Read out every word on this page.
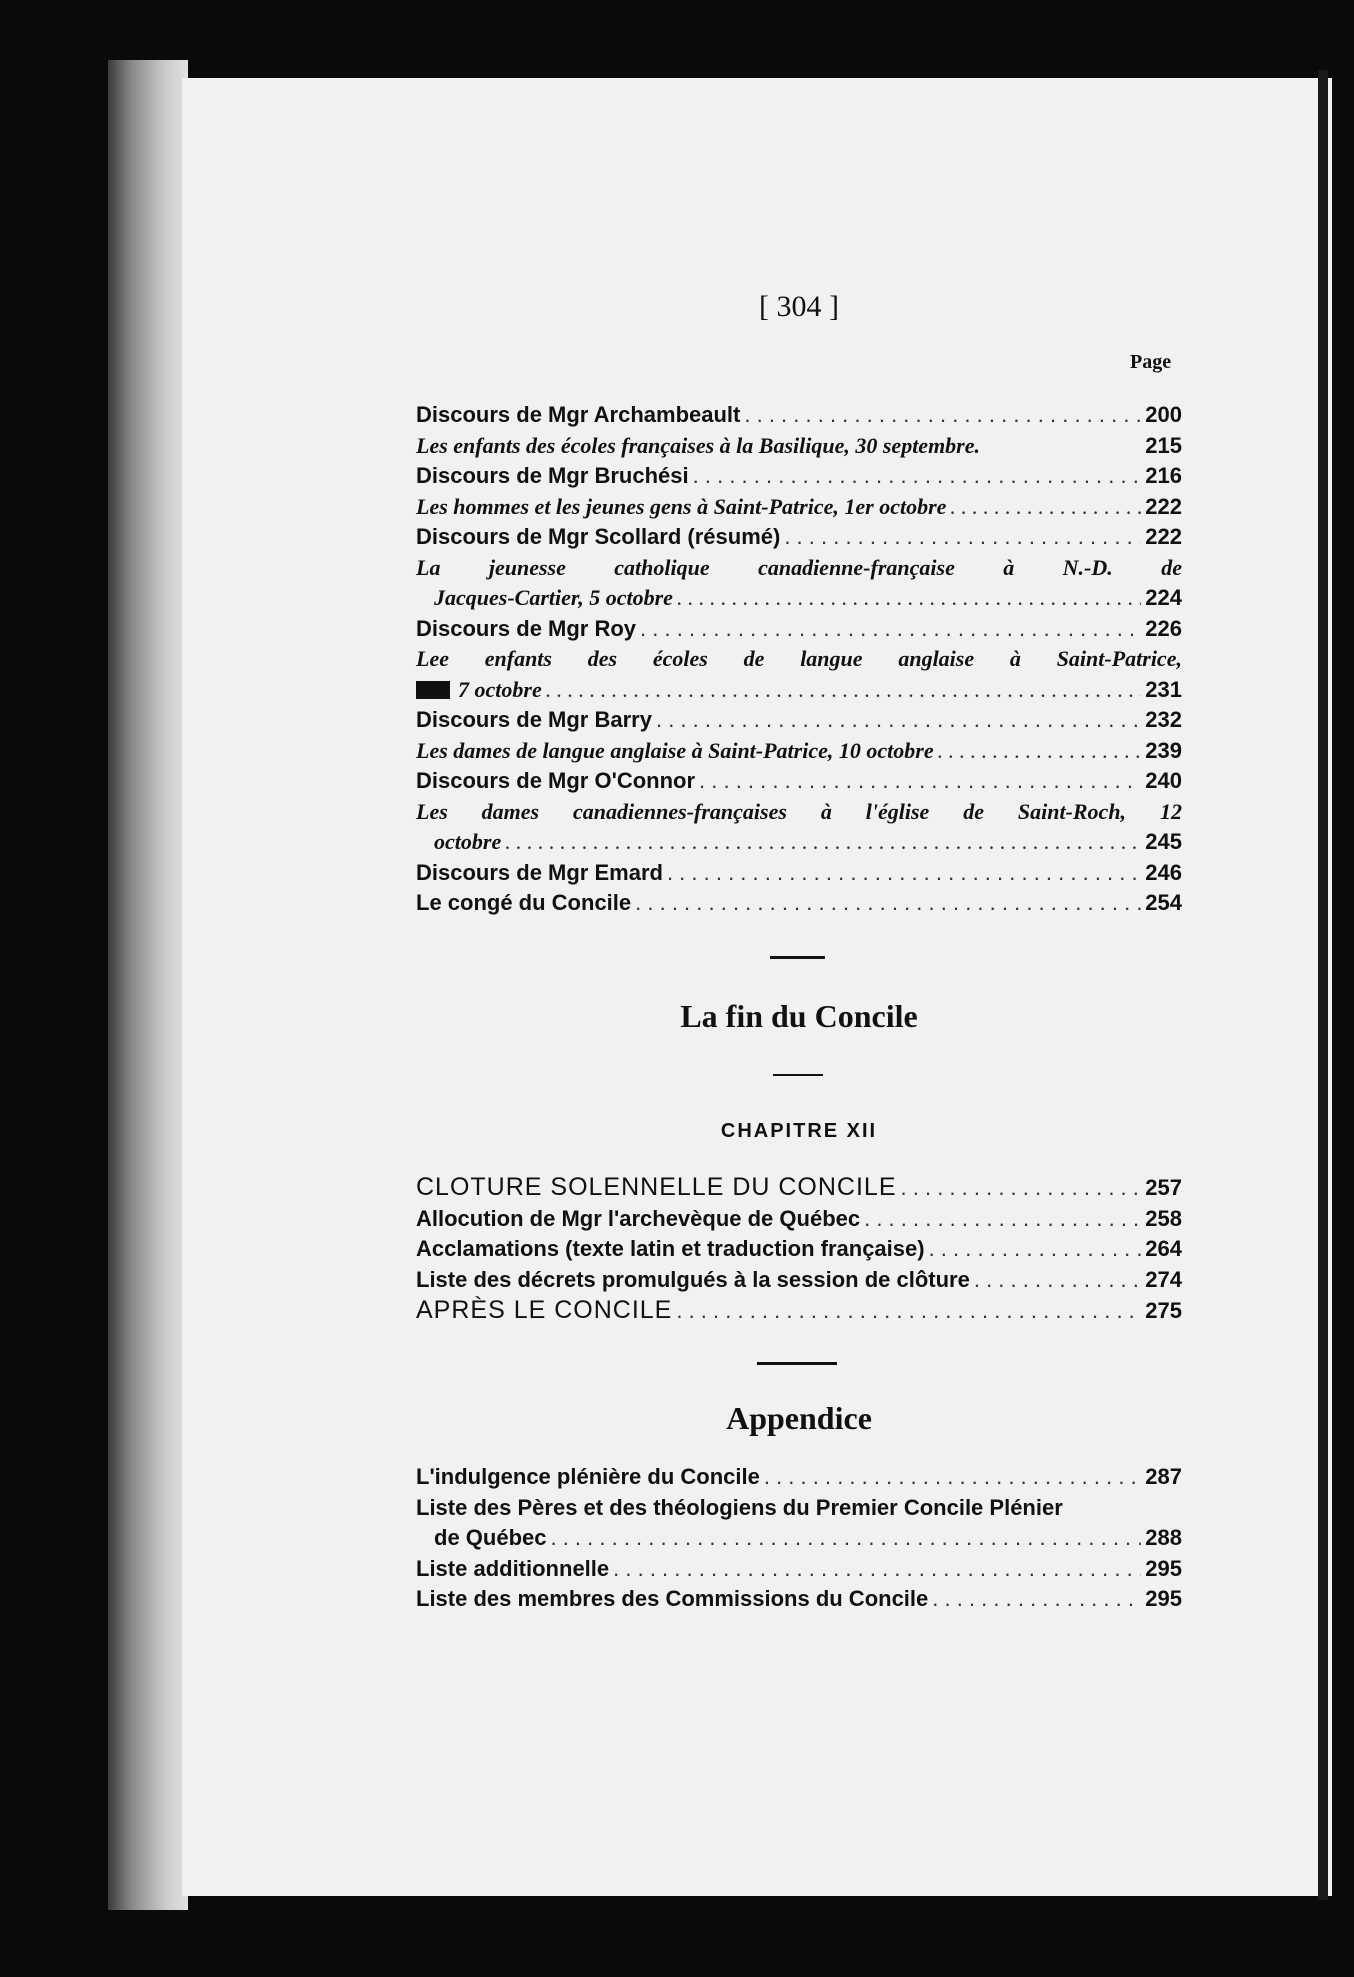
[ 304 ]
Page
Discours de Mgr Archambeault . . .	200
Les enfants des écoles françaises à la Basilique, 30 septembre.	215
Discours de Mgr Bruchési . . .	216
Les hommes et les jeunes gens à Saint-Patrice, 1er octobre . . .	222
Discours de Mgr Scollard (résumé) . . .	222
La jeunesse catholique canadienne-française à N.-D. de
Jacques-Cartier, 5 octobre . . .	224
Discours de Mgr Roy . . .	226
Lee enfants des écoles de langue anglaise à Saint-Patrice,
7 octobre . . .	231
Discours de Mgr Barry . . .	232
Les dames de langue anglaise à Saint-Patrice, 10 octobre . . .	239
Discours de Mgr O'Connor . . .	240
Les dames canadiennes-françaises à l'église de Saint-Roch, 12
octobre . . .	245
Discours de Mgr Emard . . .	246
Le congé du Concile . . .	254
La fin du Concile
CHAPITRE XII
CLOTURE SOLENNELLE DU CONCILE . . .	257
Allocution de Mgr l'archevèque de Québec . . .	258
Acclamations (texte latin et traduction française) . . .	264
Liste des décrets promulgués à la session de clôture . . .	274
APRÈS LE CONCILE . . .	275
Appendice
L'indulgence plénière du Concile . . .	287
Liste des Pères et des théologiens du Premier Concile Plénier
de Québec . . .	288
Liste additionnelle . . .	295
Liste des membres des Commissions du Concile . . .	295
